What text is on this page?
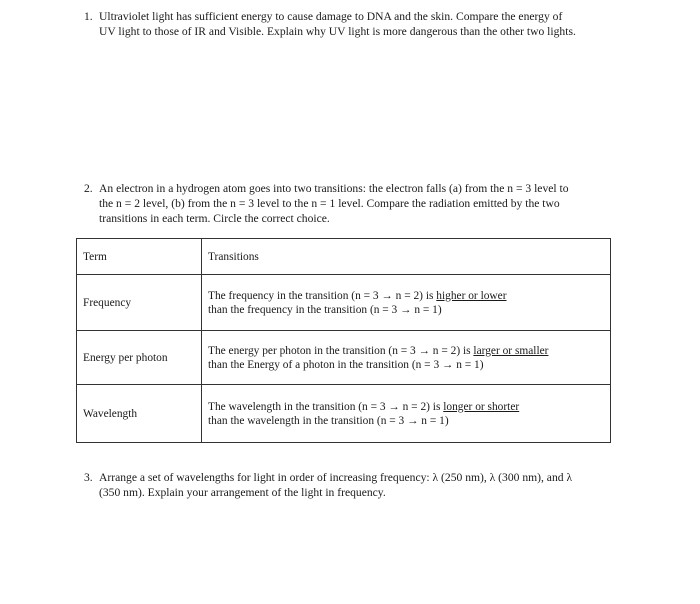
1. Ultraviolet light has sufficient energy to cause damage to DNA and the skin. Compare the energy of
UV light to those of IR and Visible. Explain why UV light is more dangerous than the other two lights.
2. An electron in a hydrogen atom goes into two transitions: the electron falls (a) from the n = 3 level to
the n = 2 level, (b) from the n = 3 level to the n = 1 level. Compare the radiation emitted by the two
transitions in each term. Circle the correct choice.
Term	Transitions
Frequency	The frequency in the transition (n = 3 → n = 2) is higher or lower
than the frequency in the transition (n = 3 → n = 1)

Energy per photon	The energy per photon in the transition (n = 3 → n = 2) is larger or smaller
than the Energy of a photon in the transition (n = 3 → n = 1)

Wavelength	The wavelength in the transition (n = 3 → n = 2) is longer or shorter
than the wavelength in the transition (n = 3 → n = 1)
3. Arrange a set of wavelengths for light in order of increasing frequency: λ (250 nm), λ (300 nm), and λ
(350 nm). Explain your arrangement of the light in frequency.
